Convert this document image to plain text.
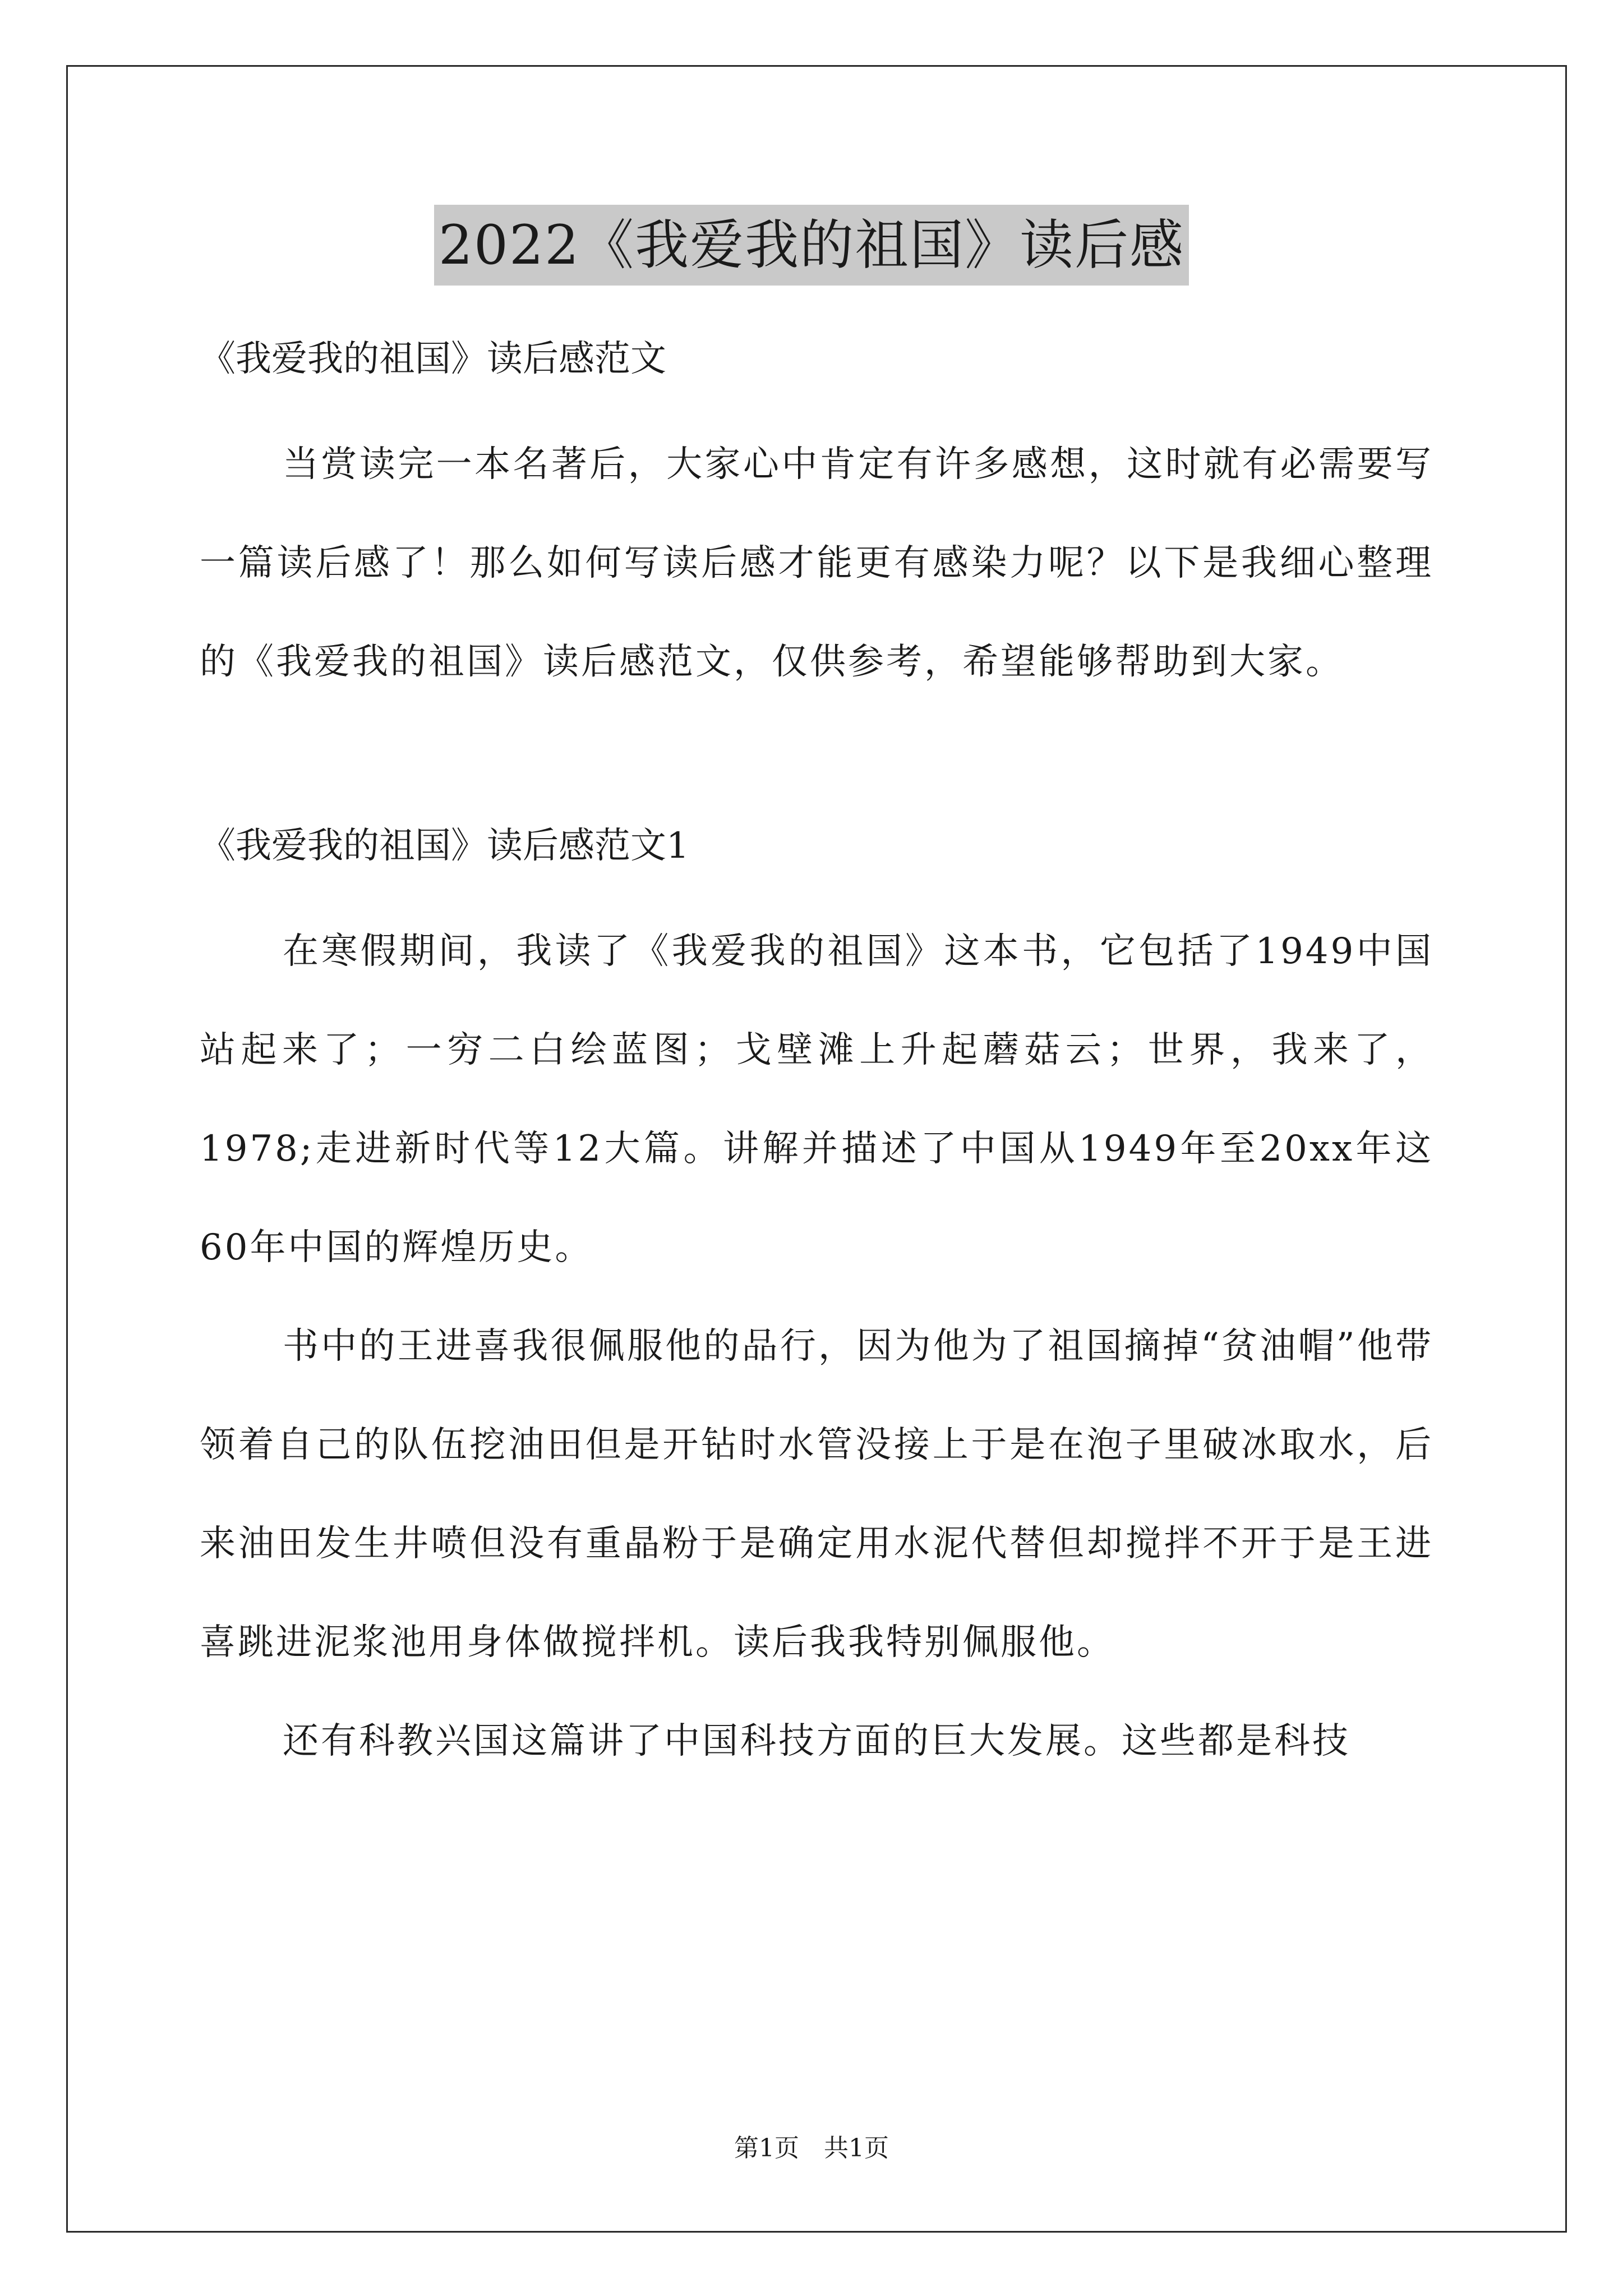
2022《我爱我的祖国》读后感

《我爱我的祖国》读后感范文

当赏读完一本名著后，大家心中肯定有许多感想，这时就有必需要写一篇读后感了！那么如何写读后感才能更有感染力呢？以下是我细心整理的《我爱我的祖国》读后感范文，仅供参考，希望能够帮助到大家。

《我爱我的祖国》读后感范文1

在寒假期间，我读了《我爱我的祖国》这本书，它包括了1949中国站起来了；一穷二白绘蓝图；戈壁滩上升起蘑菇云；世界，我来了，1978;走进新时代等12大篇。讲解并描述了中国从1949年至20xx年这60年中国的辉煌历史。

书中的王进喜我很佩服他的品行，因为他为了祖国摘掉“贫油帽”他带领着自己的队伍挖油田但是开钻时水管没接上于是在泡子里破冰取水，后来油田发生井喷但没有重晶粉于是确定用水泥代替但却搅拌不开于是王进喜跳进泥浆池用身体做搅拌机。读后我我特别佩服他。

还有科教兴国这篇讲了中国科技方面的巨大发展。这些都是科技

第1页　共1页
